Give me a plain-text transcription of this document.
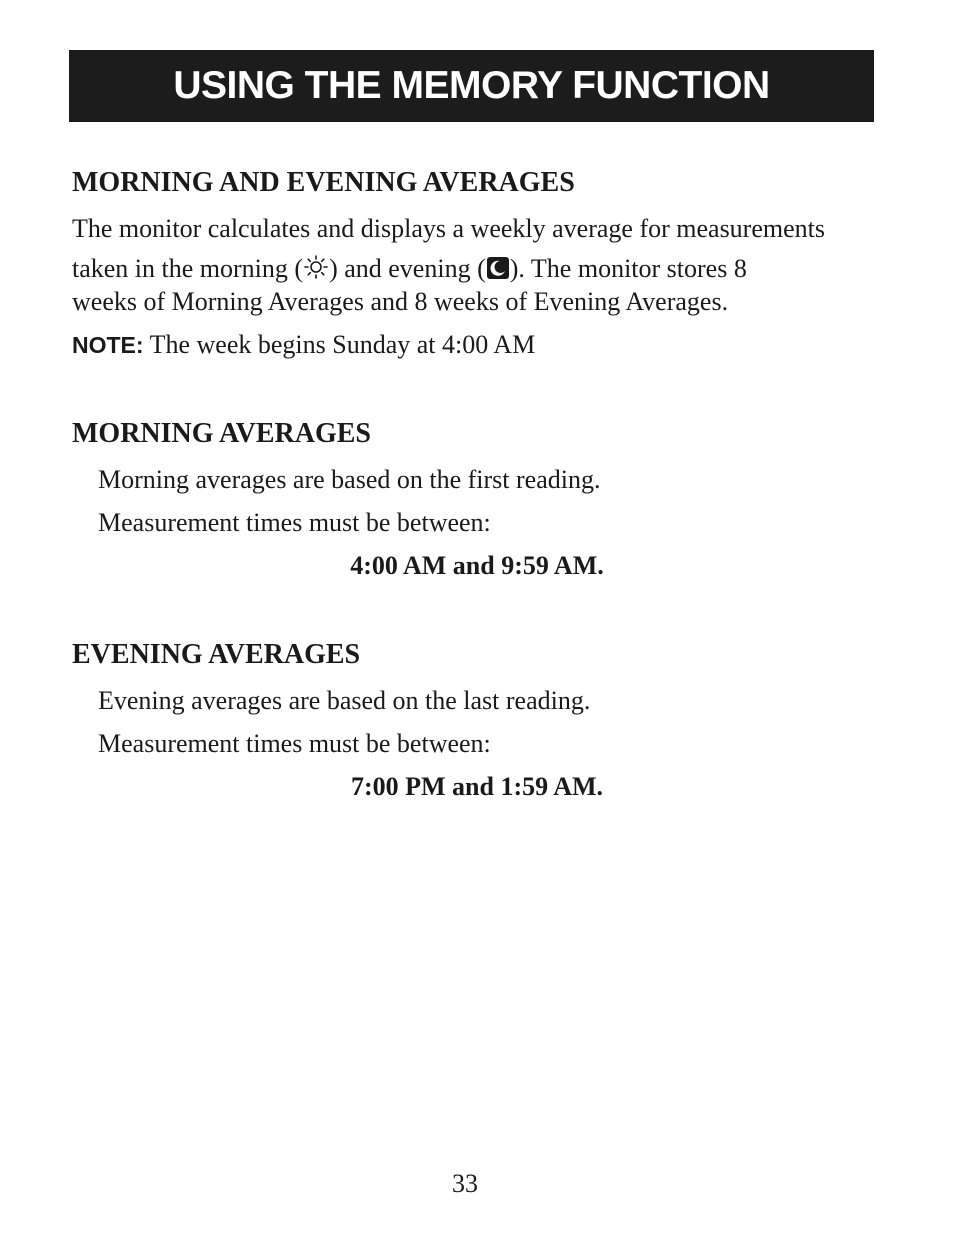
USING THE MEMORY FUNCTION
MORNING AND EVENING AVERAGES
The monitor calculates and displays a weekly average for measurements
taken in the morning ( ) and evening ( ). The monitor stores 8
weeks of Morning Averages and 8 weeks of Evening Averages.
NOTE: The week begins Sunday at 4:00 AM
MORNING AVERAGES
Morning averages are based on the first reading.
Measurement times must be between:
4:00 AM and 9:59 AM.
EVENING AVERAGES
Evening averages are based on the last reading.
Measurement times must be between:
7:00 PM and 1:59 AM.
33
